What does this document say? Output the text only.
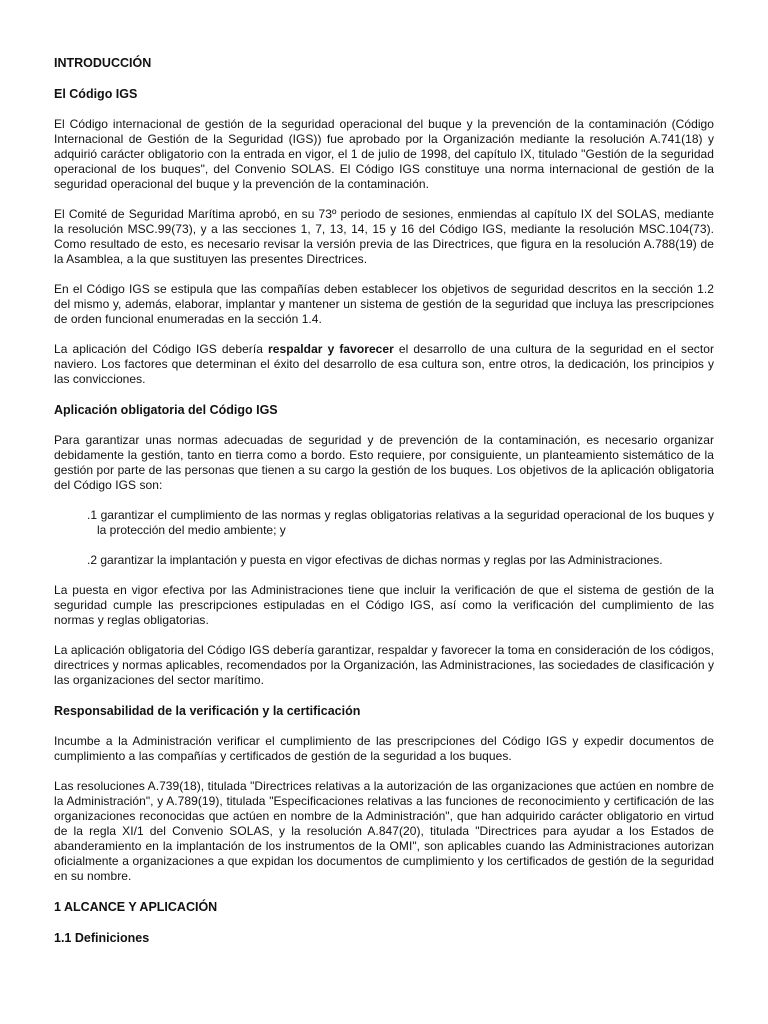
INTRODUCCIÓN
El Código IGS
El Código internacional de gestión de la seguridad operacional del buque y la prevención de la contaminación (Código Internacional de Gestión de la Seguridad (IGS)) fue aprobado por la Organización mediante la resolución A.741(18) y adquirió carácter obligatorio con la entrada en vigor, el 1 de julio de 1998, del capítulo IX, titulado "Gestión de la seguridad operacional de los buques", del Convenio SOLAS. El Código IGS constituye una norma internacional de gestión de la seguridad operacional del buque y la prevención de la contaminación.
El Comité de Seguridad Marítima aprobó, en su 73º periodo de sesiones, enmiendas al capítulo IX del SOLAS, mediante la resolución MSC.99(73), y a las secciones 1, 7, 13, 14, 15 y 16 del Código IGS, mediante la resolución MSC.104(73). Como resultado de esto, es necesario revisar la versión previa de las Directrices, que figura en la resolución A.788(19) de la Asamblea, a la que sustituyen las presentes Directrices.
En el Código IGS se estipula que las compañías deben establecer los objetivos de seguridad descritos en la sección 1.2 del mismo y, además, elaborar, implantar y mantener un sistema de gestión de la seguridad que incluya las prescripciones de orden funcional enumeradas en la sección 1.4.
La aplicación del Código IGS debería respaldar y favorecer el desarrollo de una cultura de la seguridad en el sector naviero. Los factores que determinan el éxito del desarrollo de esa cultura son, entre otros, la dedicación, los principios y las convicciones.
Aplicación obligatoria del Código IGS
Para garantizar unas normas adecuadas de seguridad y de prevención de la contaminación, es necesario organizar debidamente la gestión, tanto en tierra como a bordo. Esto requiere, por consiguiente, un planteamiento sistemático de la gestión por parte de las personas que tienen a su cargo la gestión de los buques. Los objetivos de la aplicación obligatoria del Código IGS son:
.1 garantizar el cumplimiento de las normas y reglas obligatorias relativas a la seguridad operacional de los buques y la protección del medio ambiente; y
.2 garantizar la implantación y puesta en vigor efectivas de dichas normas y reglas por las Administraciones.
La puesta en vigor efectiva por las Administraciones tiene que incluir la verificación de que el sistema de gestión de la seguridad cumple las prescripciones estipuladas en el Código IGS, así como la verificación del cumplimiento de las normas y reglas obligatorias.
La aplicación obligatoria del Código IGS debería garantizar, respaldar y favorecer la toma en consideración de los códigos, directrices y normas aplicables, recomendados por la Organización, las Administraciones, las sociedades de clasificación y las organizaciones del sector marítimo.
Responsabilidad de la verificación y la certificación
Incumbe a la Administración verificar el cumplimiento de las prescripciones del Código IGS y expedir documentos de cumplimiento a las compañías y certificados de gestión de la seguridad a los buques.
Las resoluciones A.739(18), titulada "Directrices relativas a la autorización de las organizaciones que actúen en nombre de la Administración", y A.789(19), titulada "Especificaciones relativas a las funciones de reconocimiento y certificación de las organizaciones reconocidas que actúen en nombre de la Administración", que han adquirido carácter obligatorio en virtud de la regla XI/1 del Convenio SOLAS, y la resolución A.847(20), titulada "Directrices para ayudar a los Estados de abanderamiento en la implantación de los instrumentos de la OMI", son aplicables cuando las Administraciones autorizan oficialmente a organizaciones a que expidan los documentos de cumplimiento y los certificados de gestión de la seguridad en su nombre.
1 ALCANCE Y APLICACIÓN
1.1 Definiciones
